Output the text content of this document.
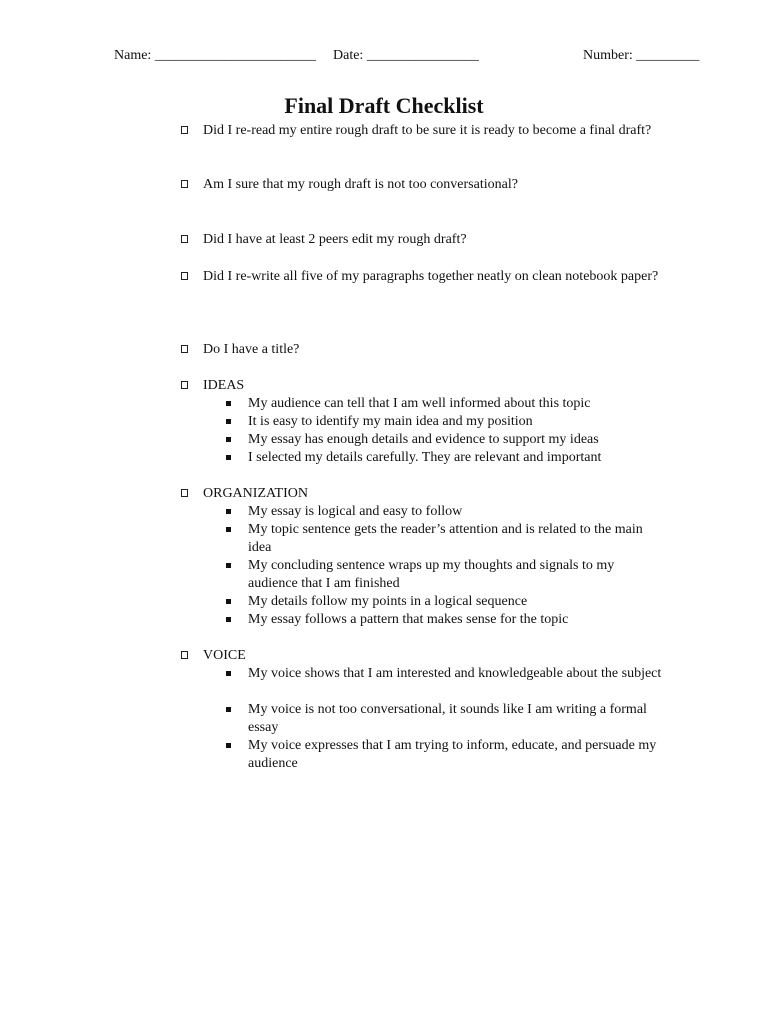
Name: _______________________ Date: ________________	Number: _________
Final Draft Checklist
Did I re-read my entire rough draft to be sure it is ready to become a final draft?
Am I sure that my rough draft is not too conversational?
Did I have at least 2 peers edit my rough draft?
Did I re-write all five of my paragraphs together neatly on clean notebook paper?
Do I have a title?
IDEAS
My audience can tell that I am well informed about this topic
It is easy to identify my main idea and my position
My essay has enough details and evidence to support my ideas
I selected my details carefully. They are relevant and important
ORGANIZATION
My essay is logical and easy to follow
My topic sentence gets the reader’s attention and is related to the main idea
My concluding sentence wraps up my thoughts and signals to my audience that I am finished
My details follow my points in a logical sequence
My essay follows a pattern that makes sense for the topic
VOICE
My voice shows that I am interested and knowledgeable about the subject
My voice is not too conversational, it sounds like I am writing a formal essay
My voice expresses that I am trying to inform, educate, and persuade my audience
